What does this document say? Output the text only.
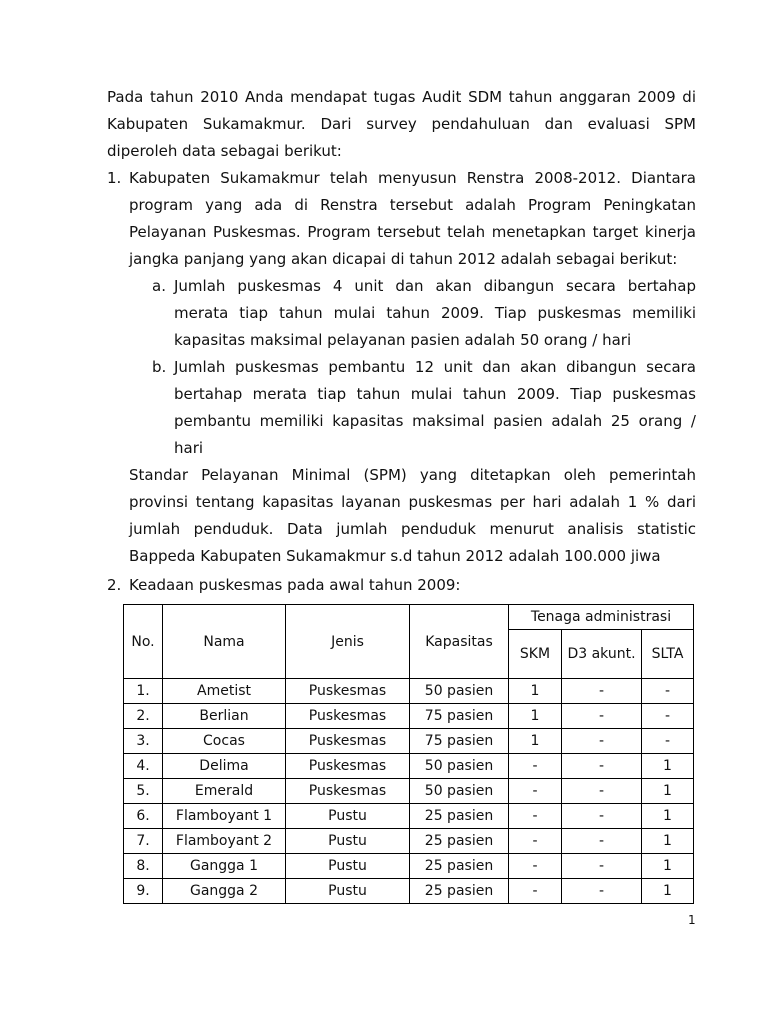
Pada tahun 2010 Anda mendapat tugas Audit SDM tahun anggaran 2009 di Kabupaten Sukamakmur. Dari survey pendahuluan dan evaluasi SPM diperoleh data sebagai berikut:

1. Kabupaten Sukamakmur telah menyusun Renstra 2008-2012. Diantara program yang ada di Renstra tersebut adalah Program Peningkatan Pelayanan Puskesmas. Program tersebut telah menetapkan target kinerja jangka panjang yang akan dicapai di tahun 2012 adalah sebagai berikut:

a. Jumlah puskesmas 4 unit dan akan dibangun secara bertahap merata tiap tahun mulai tahun 2009. Tiap puskesmas memiliki kapasitas maksimal pelayanan pasien adalah 50 orang / hari

b. Jumlah puskesmas pembantu 12 unit dan akan dibangun secara bertahap merata tiap tahun mulai tahun 2009. Tiap puskesmas pembantu memiliki kapasitas maksimal pasien adalah 25 orang / hari

Standar Pelayanan Minimal (SPM) yang ditetapkan oleh pemerintah provinsi tentang kapasitas layanan puskesmas per hari adalah 1 % dari jumlah penduduk. Data jumlah penduduk menurut analisis statistic Bappeda Kabupaten Sukamakmur s.d tahun 2012 adalah 100.000 jiwa

2. Keadaan puskesmas pada awal tahun 2009:

No.	Nama	Jenis	Kapasitas	Tenaga administrasi		
				SKM	D3 akunt.	SLTA
1.	Ametist	Puskesmas	50 pasien	1	-	-
2.	Berlian	Puskesmas	75 pasien	1	-	-
3.	Cocas	Puskesmas	75 pasien	1	-	-
4.	Delima	Puskesmas	50 pasien	-	-	1
5.	Emerald	Puskesmas	50 pasien	-	-	1
6.	Flamboyant 1	Pustu	25 pasien	-	-	1
7.	Flamboyant 2	Pustu	25 pasien	-	-	1
8.	Gangga 1	Pustu	25 pasien	-	-	1
9.	Gangga 2	Pustu	25 pasien	-	-	1

1
